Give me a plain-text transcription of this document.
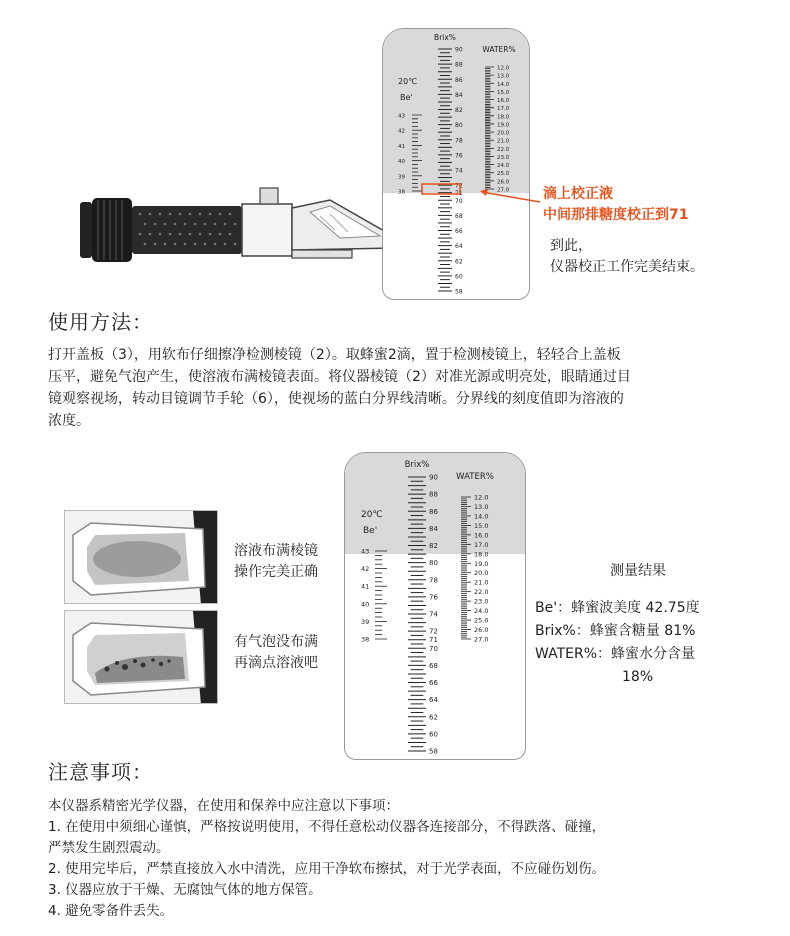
Brix%
WATER%
20℃
Be'
90
88
86
84
82
80
78
76
74
72
71
70
68
66
64
62
60
58
12.0
13.0
14.0
15.0
16.0
17.0
18.0
19.0
20.0
21.0
22.0
23.0
24.0
25.0
26.0
27.0
43
42
41
40
39
38	滴上校正液
中间那排糖度校正到71
到此，
仪器校正工作完美结束。
使用方法：
打开盖板（3），用软布仔细擦净检测棱镜（2）。取蜂蜜2滴，置于检测棱镜上，轻轻合上盖板
压平，避免气泡产生，使溶液布满棱镜表面。将仪器棱镜（2）对准光源或明亮处，眼睛通过目
镜观察视场，转动目镜调节手轮（6），使视场的蓝白分界线清晰。分界线的刻度值即为溶液的
浓度。
溶液布满棱镜
操作完美正确
有气泡没布满
再滴点溶液吧
Brix%
WATER%
20℃
Be'
90
88
86
84
82
80
78
76
74
72
71
70
68
66
64
62
60
58
12.0
13.0
14.0
15.0
16.0
17.0
18.0
19.0
20.0
21.0
22.0
23.0
24.0
25.0
26.0
27.0
43
42
41
40
39
38
测量结果
Be'：蜂蜜波美度 42.75度
Brix%：蜂蜜含糖量 81%
WATER%：蜂蜜水分含量
18%
注意事项：
本仪器系精密光学仪器，在使用和保养中应注意以下事项：
1. 在使用中须细心谨慎，严格按说明使用，不得任意松动仪器各连接部分，不得跌落、碰撞，
严禁发生剧烈震动。
2. 使用完毕后，严禁直接放入水中清洗，应用干净软布擦拭，对于光学表面，不应碰伤划伤。
3. 仪器应放于干燥、无腐蚀气体的地方保管。
4. 避免零备件丢失。
